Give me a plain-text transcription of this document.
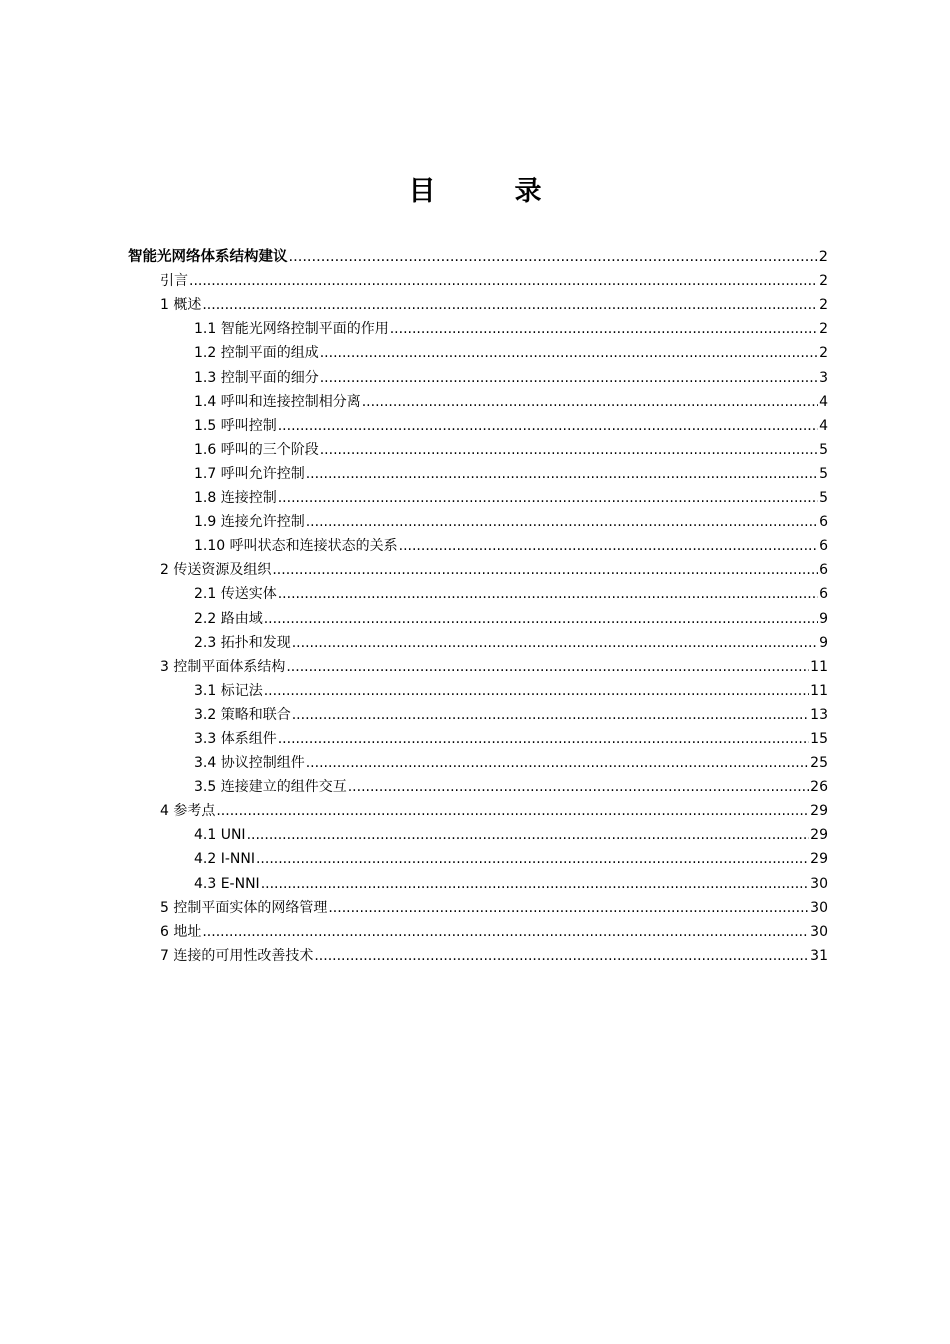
目　录
智能光网络体系结构建议 .....	2
引言 .....	2
1 概述 .....	2
1.1 智能光网络控制平面的作用 .....	2
1.2 控制平面的组成 .....	2
1.3 控制平面的细分 .....	3
1.4 呼叫和连接控制相分离 .....	4
1.5 呼叫控制 .....	4
1.6 呼叫的三个阶段 .....	5
1.7 呼叫允许控制 .....	5
1.8 连接控制 .....	5
1.9 连接允许控制 .....	6
1.10 呼叫状态和连接状态的关系 .....	6
2 传送资源及组织 .....	6
2.1 传送实体 .....	6
2.2 路由域 .....	9
2.3 拓扑和发现 .....	9
3 控制平面体系结构 .....	11
3.1 标记法 .....	11
3.2 策略和联合 .....	13
3.3 体系组件 .....	15
3.4 协议控制组件 .....	25
3.5 连接建立的组件交互 .....	26
4 参考点 .....	29
4.1 UNI .....	29
4.2 I-NNI .....	29
4.3 E-NNI .....	30
5 控制平面实体的网络管理 .....	30
6 地址 .....	30
7 连接的可用性改善技术 .....	31
